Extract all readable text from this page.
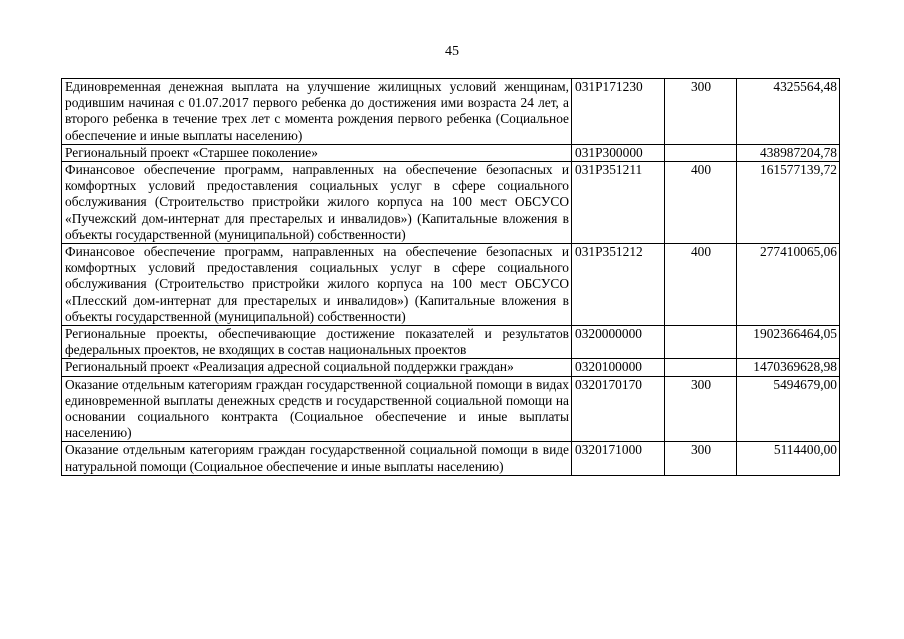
45
Единовременная денежная выплата на улучшение жилищных условий женщинам, родившим начиная с 01.07.2017 первого ребенка до достижения ими возраста 24 лет, а второго ребенка в течение трех лет с момента рождения первого ребенка (Социальное обеспечение и иные выплаты населению)	031P171230	300	4325564,48
Региональный проект «Старшее поколение»	031P300000		438987204,78
Финансовое обеспечение программ, направленных на обеспечение безопасных и комфортных условий предоставления социальных услуг в сфере социального обслуживания (Строительство пристройки жилого корпуса на 100 мест ОБСУСО «Пучежский дом-интернат для престарелых и инвалидов») (Капитальные вложения в объекты государственной (муниципальной) собственности)	031P351211	400	161577139,72
Финансовое обеспечение программ, направленных на обеспечение безопасных и комфортных условий предоставления социальных услуг в сфере социального обслуживания (Строительство пристройки жилого корпуса на 100 мест ОБСУСО «Плесский дом-интернат для престарелых и инвалидов») (Капитальные вложения в объекты государственной (муниципальной) собственности)	031P351212	400	277410065,06
Региональные проекты, обеспечивающие достижение показателей и результатов федеральных проектов, не входящих в состав национальных проектов	0320000000		1902366464,05
Региональный проект «Реализация адресной социальной поддержки граждан»	0320100000		1470369628,98
Оказание отдельным категориям граждан государственной социальной помощи в видах единовременной выплаты денежных средств и государственной социальной помощи на основании социального контракта (Социальное обеспечение и иные выплаты населению)	0320170170	300	5494679,00
Оказание отдельным категориям граждан государственной социальной помощи в виде натуральной помощи (Социальное обеспечение и иные выплаты населению)	0320171000	300	5114400,00
